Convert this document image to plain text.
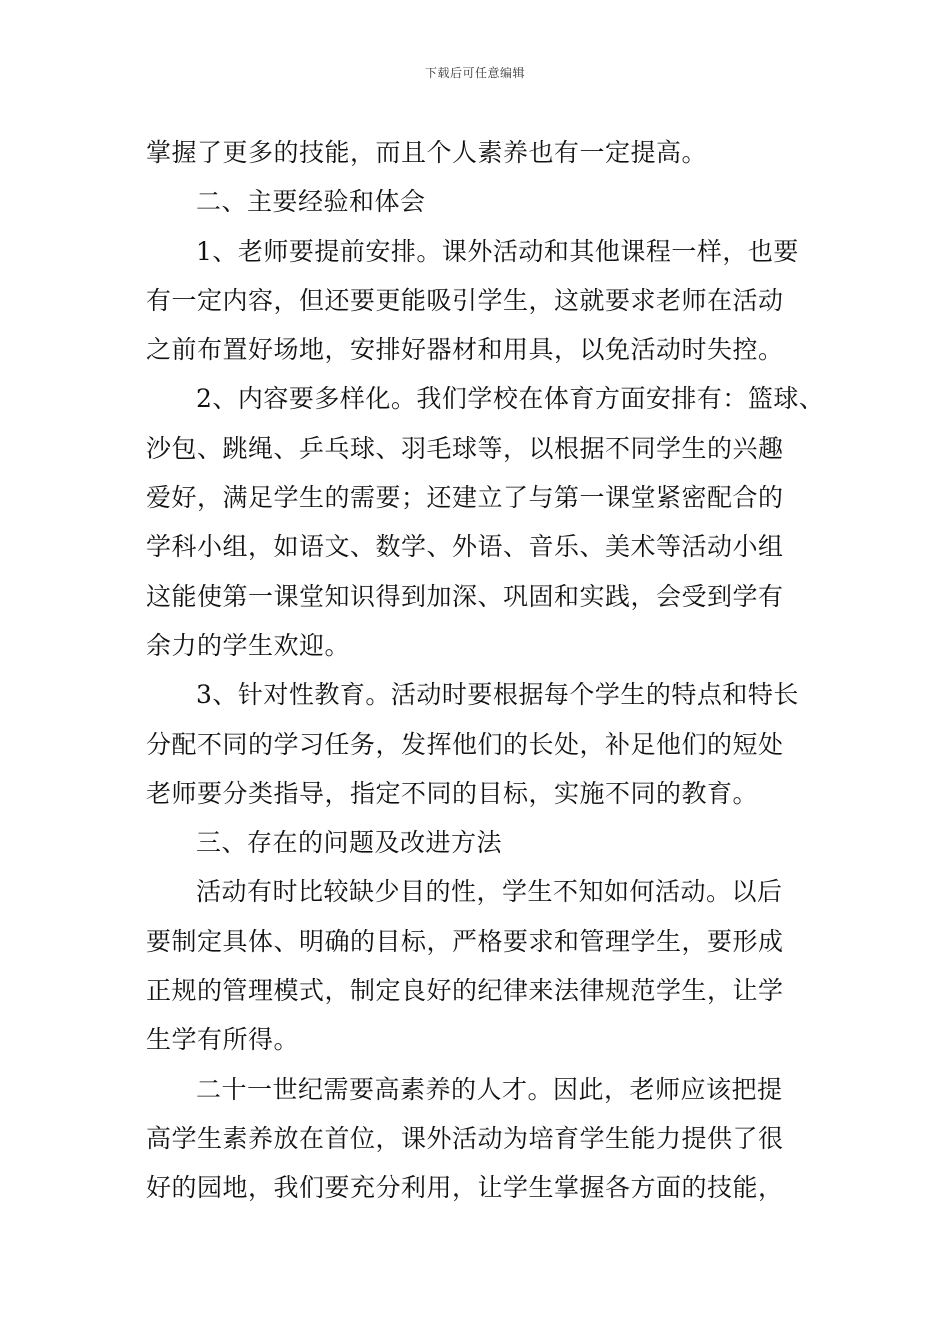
下载后可任意编辑
掌握了更多的技能，而且个人素养也有一定提高。
二、主要经验和体会
1、老师要提前安排。课外活动和其他课程一样，也要
有一定内容，但还要更能吸引学生，这就要求老师在活动
之前布置好场地，安排好器材和用具，以免活动时失控。
2、内容要多样化。我们学校在体育方面安排有：篮球、
沙包、跳绳、乒乓球、羽毛球等，以根据不同学生的兴趣
爱好，满足学生的需要；还建立了与第一课堂紧密配合的
学科小组，如语文、数学、外语、音乐、美术等活动小组
这能使第一课堂知识得到加深、巩固和实践，会受到学有
余力的学生欢迎。
3、针对性教育。活动时要根据每个学生的特点和特长
分配不同的学习任务，发挥他们的长处，补足他们的短处
老师要分类指导，指定不同的目标，实施不同的教育。
三、存在的问题及改进方法
活动有时比较缺少目的性，学生不知如何活动。以后
要制定具体、明确的目标，严格要求和管理学生，要形成
正规的管理模式，制定良好的纪律来法律规范学生，让学
生学有所得。
二十一世纪需要高素养的人才。因此，老师应该把提
高学生素养放在首位，课外活动为培育学生能力提供了很
好的园地，我们要充分利用，让学生掌握各方面的技能，
